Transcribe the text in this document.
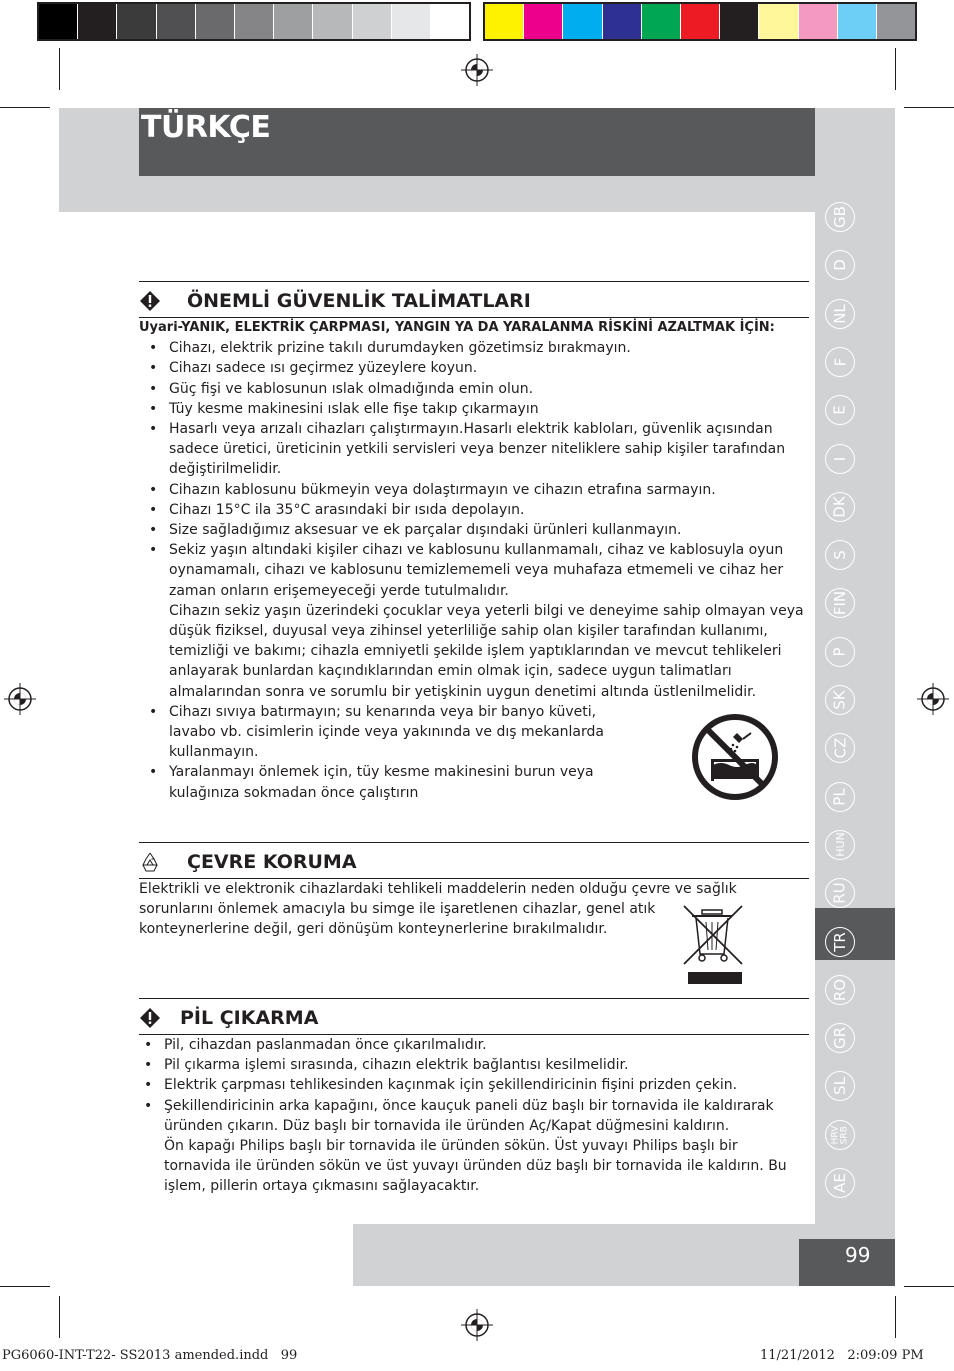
TÜRKÇE
GB
D
NL
F
E
I
DK
S
FIN
P
SK
CZ
PL
HUN
RU
TR
RO
GR
SL
HRV
SRB
AE
99
ÖNEMLİ GÜVENLİK TALİMATLARI
Uyari-YANIK, ELEKTRİK ÇARPMASI, YANGIN YA DA YARALANMA RİSKİNİ AZALTMAK İÇİN:
• Cihazı, elektrik prizine takılı durumdayken gözetimsiz bırakmayın.
• Cihazı sadece ısı geçirmez yüzeylere koyun.
• Güç fişi ve kablosunun ıslak olmadığında emin olun.
• Tüy kesme makinesini ıslak elle fişe takıp çıkarmayın
• Hasarlı veya arızalı cihazları çalıştırmayın.Hasarlı elektrik kabloları, güvenlik açısından sadece üretici, üreticinin yetkili servisleri veya benzer niteliklere sahip kişiler tarafından değiştirilmelidir.
• Cihazın kablosunu bükmeyin veya dolaştırmayın ve cihazın etrafına sarmayın.
• Cihazı 15°C ila 35°C arasındaki bir ısıda depolayın.
• Size sağladığımız aksesuar ve ek parçalar dışındaki ürünleri kullanmayın.
• Sekiz yaşın altındaki kişiler cihazı ve kablosunu kullanmamalı, cihaz ve kablosuyla oyun oynamamalı, cihazı ve kablosunu temizlememeli veya muhafaza etmemeli ve cihaz her zaman onların erişemeyeceği yerde tutulmalıdır.
Cihazın sekiz yaşın üzerindeki çocuklar veya yeterli bilgi ve deneyime sahip olmayan veya düşük fiziksel, duyusal veya zihinsel yeterliliğe sahip olan kişiler tarafından kullanımı, temizliği ve bakımı; cihazla emniyetli şekilde işlem yaptıklarından ve mevcut tehlikeleri anlayarak bunlardan kaçındıklarından emin olmak için, sadece uygun talimatları almalarından sonra ve sorumlu bir yetişkinin uygun denetimi altında üstlenilmelidir.
• Cihazı sıvıya batırmayın; su kenarında veya bir banyo küveti, lavabo vb. cisimlerin içinde veya yakınında ve dış mekanlarda kullanmayın.
• Yaralanmayı önlemek için, tüy kesme makinesini burun veya kulağınıza sokmadan önce çalıştırın
ÇEVRE KORUMA
Elektrikli ve elektronik cihazlardaki tehlikeli maddelerin neden olduğu çevre ve sağlık sorunlarını önlemek amacıyla bu simge ile işaretlenen cihazlar, genel atık konteynerlerine değil, geri dönüşüm konteynerlerine bırakılmalıdır.
PİL ÇIKARMA
• Pil, cihazdan paslanmadan önce çıkarılmalıdır.
• Pil çıkarma işlemi sırasında, cihazın elektrik bağlantısı kesilmelidir.
• Elektrik çarpması tehlikesinden kaçınmak için şekillendiricinin fişini prizden çekin.
• Şekillendiricinin arka kapağını, önce kauçuk paneli düz başlı bir tornavida ile kaldırarak üründen çıkarın. Düz başlı bir tornavida ile üründen Aç/Kapat düğmesini kaldırın.
Ön kapağı Philips başlı bir tornavida ile üründen sökün. Üst yuvayı Philips başlı bir tornavida ile üründen sökün ve üst yuvayı üründen düz başlı bir tornavida ile kaldırın. Bu işlem, pillerin ortaya çıkmasını sağlayacaktır.
PG6060-INT-T22- SS2013 amended.indd   99	11/21/2012   2:09:09 PM
